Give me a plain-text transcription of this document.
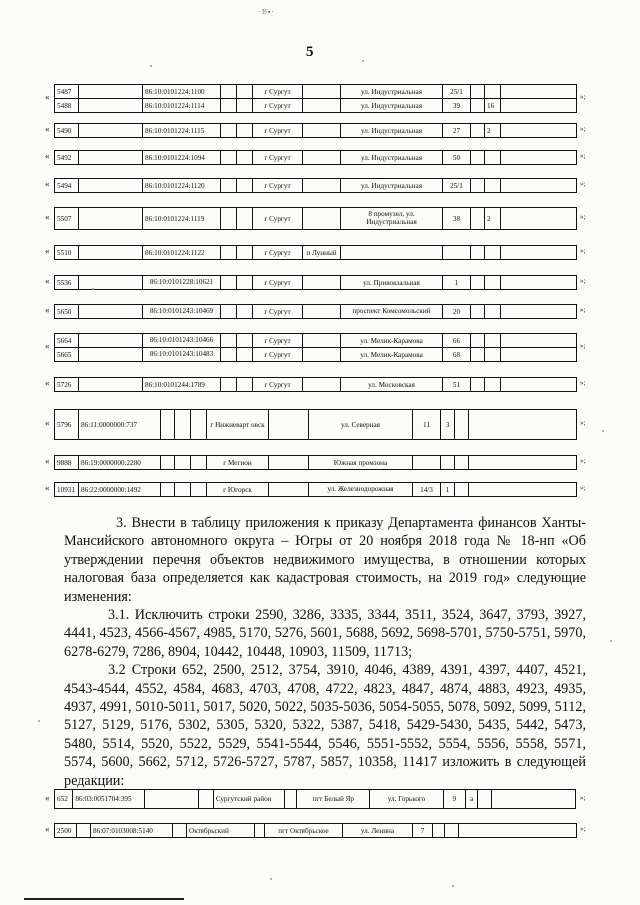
·ℬ▪·
5
«	»;
5487		86:10:0101224:1100			г Сургут		ул. Индустриальная	25/1			
5488		86:10:0101224:1114			г Сургут		ул. Индустриальная	39		16	
«	»;
5490		86:10:0101224:1115			г Сургут		ул. Индустриальная	27		2	
«	»;
5492		86:10:0101224:1094			г Сургут		ул. Индустриальная	50			
«	»;
5494		86:10:0101224:1120			г Сургут		ул. Индустриальная	25/1			
«	»;
5507		86:10:0101224:1119			г Сургут		8 промузел, ул. Индустриальная	38		2	
«	»;
5510		86:10:0101224:1122			г Сургут	п Лунный					
«	»;
5536		86:10:0101228:10621			г Сургут		ул. Привокзальная	1			
«	»;
5650		86:10:0101243:10469			г Сургут		проспект Комсомольский	20			
«	»;
5664		86:10:0101243:10466			г Сургут		ул. Мелик-Карамова	66			
5665		86:10:0101243:10483			г Сургут		ул. Мелик-Карамова	68			
«	»;
5726		86:10:0101244:1789			г Сургут		ул. Московская	51			
«	»;
5796	86:11:0000000:737				г Нижневарт овск		ул. Северная	11	3		
«	»;
9888	86:19:0000000:2280				г Мегион		Южная промзона				
«	»;
10931	86:22:0000000:1492				г Югорск		ул. Железнодорожная	14/3	1		
«	»;
652	86:03:0051704:395			Сургутский район		пгт Белый Яр	ул. Горького	9	а		
«	»;
2500		86:07:0103008:5140		Октябрьский		пгт Октябрьское	ул. Ленина	7			

3. Внести в таблицу приложения к приказу Департамента финансов Ханты-Мансийского автономного округа – Югры от 20 ноября 2018 года № 18-нп «Об утверждении перечня объектов недвижимого имущества, в отношении которых налоговая база определяется как кадастровая стоимость, на 2019 год» следующие изменения:

3.1. Исключить строки 2590, 3286, 3335, 3344, 3511, 3524, 3647, 3793, 3927, 4441, 4523, 4566-4567, 4985, 5170, 5276, 5601, 5688, 5692, 5698-5701, 5750-5751, 5970, 6278-6279, 7286, 8904, 10442, 10448, 10903, 11509, 11713;

3.2 Строки 652, 2500, 2512, 3754, 3910, 4046, 4389, 4391, 4397, 4407, 4521, 4543-4544, 4552, 4584, 4683, 4703, 4708, 4722, 4823, 4847, 4874, 4883, 4923, 4935, 4937, 4991, 5010-5011, 5017, 5020, 5022, 5035-5036, 5054-5055, 5078, 5092, 5099, 5112, 5127, 5129, 5176, 5302, 5305, 5320, 5322, 5387, 5418, 5429-5430, 5435, 5442, 5473, 5480, 5514, 5520, 5522, 5529, 5541-5544, 5546, 5551-5552, 5554, 5556, 5558, 5571, 5574, 5600, 5662, 5712, 5726-5727, 5787, 5857, 10358, 11417 изложить в следующей редакции:
